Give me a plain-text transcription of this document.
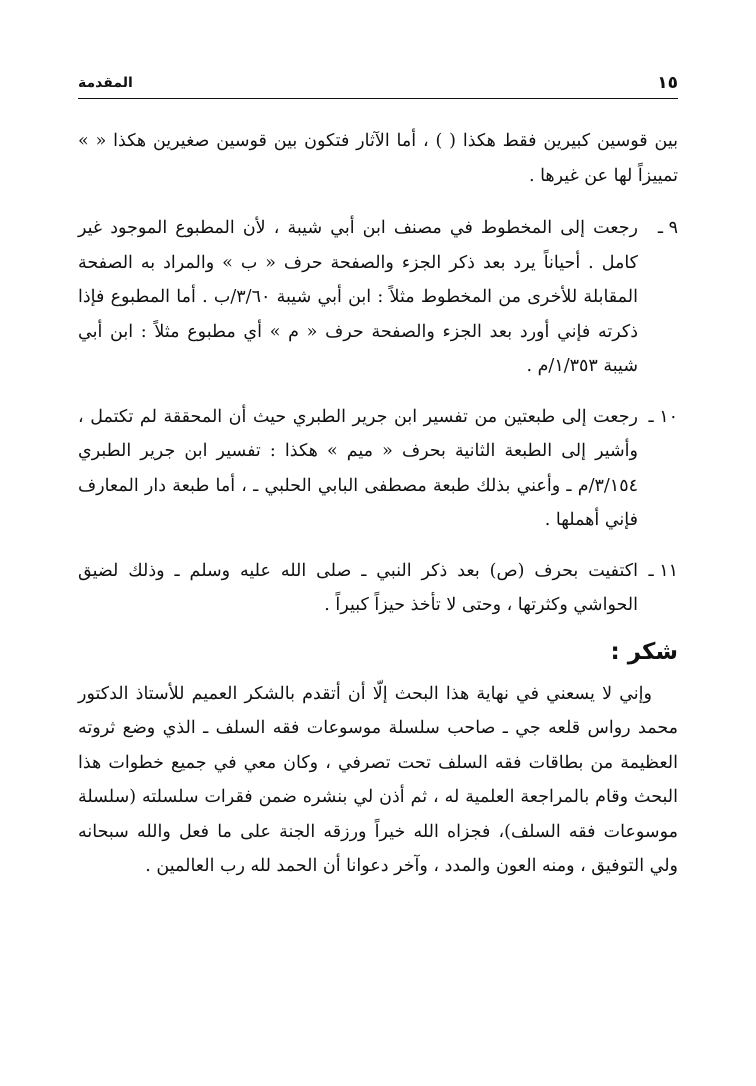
١٥
المقدمة
بين قوسين كبيرين فقط هكذا ( ) ، أما الآثار فتكون بين قوسين صغيرين هكذا « » تمييزاً لها عن غيرها .
٩ ـ
رجعت إلى المخطوط في مصنف ابن أبي شيبة ، لأن المطبوع الموجود غير كامل . أحياناً يرد بعد ذكر الجزء والصفحة حرف « ب » والمراد به الصفحة المقابلة للأخرى من المخطوط مثلاً : ابن أبي شيبة ٣/٦٠/ب . أما المطبوع فإذا ذكرته فإني أورد بعد الجزء والصفحة حرف « م » أي مطبوع مثلاً : ابن أبي شيبة ١/٣٥٣/م .
١٠ ـ
رجعت إلى طبعتين من تفسير ابن جرير الطبري حيث أن المحققة لم تكتمل ، وأشير إلى الطبعة الثانية بحرف « ميم » هكذا : تفسير ابن جرير الطبري ٣/١٥٤/م ـ وأعني بذلك طبعة مصطفى البابي الحلبي ـ ، أما طبعة دار المعارف فإني أهملها .
١١ ـ
اكتفيت بحرف (ص) بعد ذكر النبي ـ صلى الله عليه وسلم ـ وذلك لضيق الحواشي وكثرتها ، وحتى لا تأخذ حيزاً كبيراً .
شكر :
وإني لا يسعني في نهاية هذا البحث إلّا أن أتقدم بالشكر العميم للأستاذ الدكتور محمد رواس قلعه جي ـ صاحب سلسلة موسوعات فقه السلف ـ الذي وضع ثروته العظيمة من بطاقات فقه السلف تحت تصرفي ، وكان معي في جميع خطوات هذا البحث وقام بالمراجعة العلمية له ، ثم أذن لي بنشره ضمن فقرات سلسلته (سلسلة موسوعات فقه السلف)، فجزاه الله خيراً ورزقه الجنة على ما فعل والله سبحانه ولي التوفيق ، ومنه العون والمدد ، وآخر دعوانا أن الحمد لله رب العالمين .
